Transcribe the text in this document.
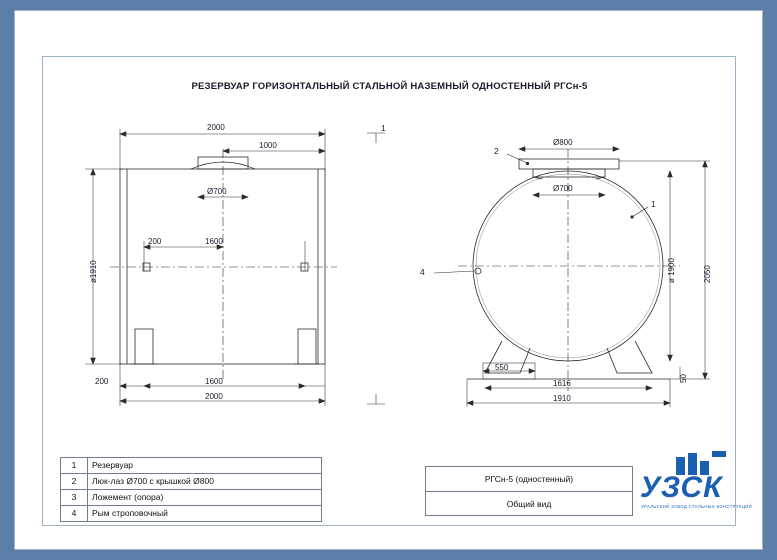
РЕЗЕРВУАР ГОРИЗОНТАЛЬНЫЙ СТАЛЬНОЙ НАЗЕМНЫЙ ОДНОСТЕННЫЙ РГСн-5
2000
1000
Ø700
ø1910
200	1600
200	1600
2000
1
Ø800
Ø700
ø 1900	2050
550
1616
1910
50
2
1
4
1	Резервуар
2	Люк-лаз Ø700 с крышкой Ø800
3	Ложемент (опора)
4	Рым строповочный
РГСн-5 (одностенный)
Общий вид	УЗСК
УРАЛЬСКИЙ ЗАВОД СТАЛЬНЫХ КОНСТРУКЦИЙ
